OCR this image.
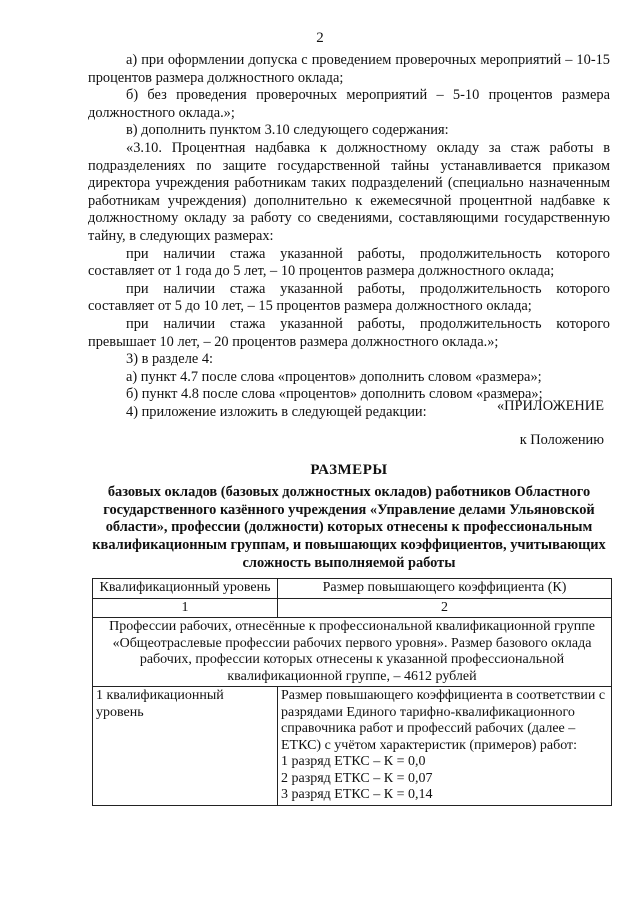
2

а) при оформлении допуска с проведением проверочных мероприятий – 10-15 процентов размера должностного оклада;

б) без проведения проверочных мероприятий – 5-10 процентов размера должностного оклада.»;

в) дополнить пунктом 3.10 следующего содержания:

«3.10. Процентная надбавка к должностному окладу за стаж работы в подразделениях по защите государственной тайны устанавливается приказом директора учреждения работникам таких подразделений (специально назначенным работникам учреждения) дополнительно к ежемесячной процентной надбавке к должностному окладу за работу со сведениями, составляющими государственную тайну, в следующих размерах:

при наличии стажа указанной работы, продолжительность которого составляет от 1 года до 5 лет, – 10 процентов размера должностного оклада;

при наличии стажа указанной работы, продолжительность которого составляет от 5 до 10 лет, – 15 процентов размера должностного оклада;

при наличии стажа указанной работы, продолжительность которого превышает 10 лет, – 20 процентов размера должностного оклада.»;

3) в разделе 4:

а) пункт 4.7 после слова «процентов» дополнить словом «размера»;

б) пункт 4.8 после слова «процентов» дополнить словом «размера»;

4) приложение изложить в следующей редакции:	«ПРИЛОЖЕНИЕ
к Положению
РАЗМЕРЫ
базовых окладов (базовых должностных окладов) работников Областного государственного казённого учреждения «Управление делами Ульяновской области», профессии (должности) которых отнесены к профессиональным квалификационным группам, и повышающих коэффициентов, учитывающих сложность выполняемой работы
Квалификационный уровень	Размер повышающего коэффициента (К)
1	2
Профессии рабочих, отнесённые к профессиональной квалификационной группе «Общеотраслевые профессии рабочих первого уровня». Размер базового оклада рабочих, профессии которых отнесены к указанной профессиональной квалификационной группе, – 4612 рублей	
1 квалификационный уровень	Размер повышающего коэффициента в соответствии с разрядами Единого тарифно-квалификационного справочника работ и профессий рабочих (далее – ЕТКС) с учётом характеристик (примеров) работ:
1 разряд ЕТКС – К = 0,0
2 разряд ЕТКС – К = 0,07
3 разряд ЕТКС – К = 0,14
